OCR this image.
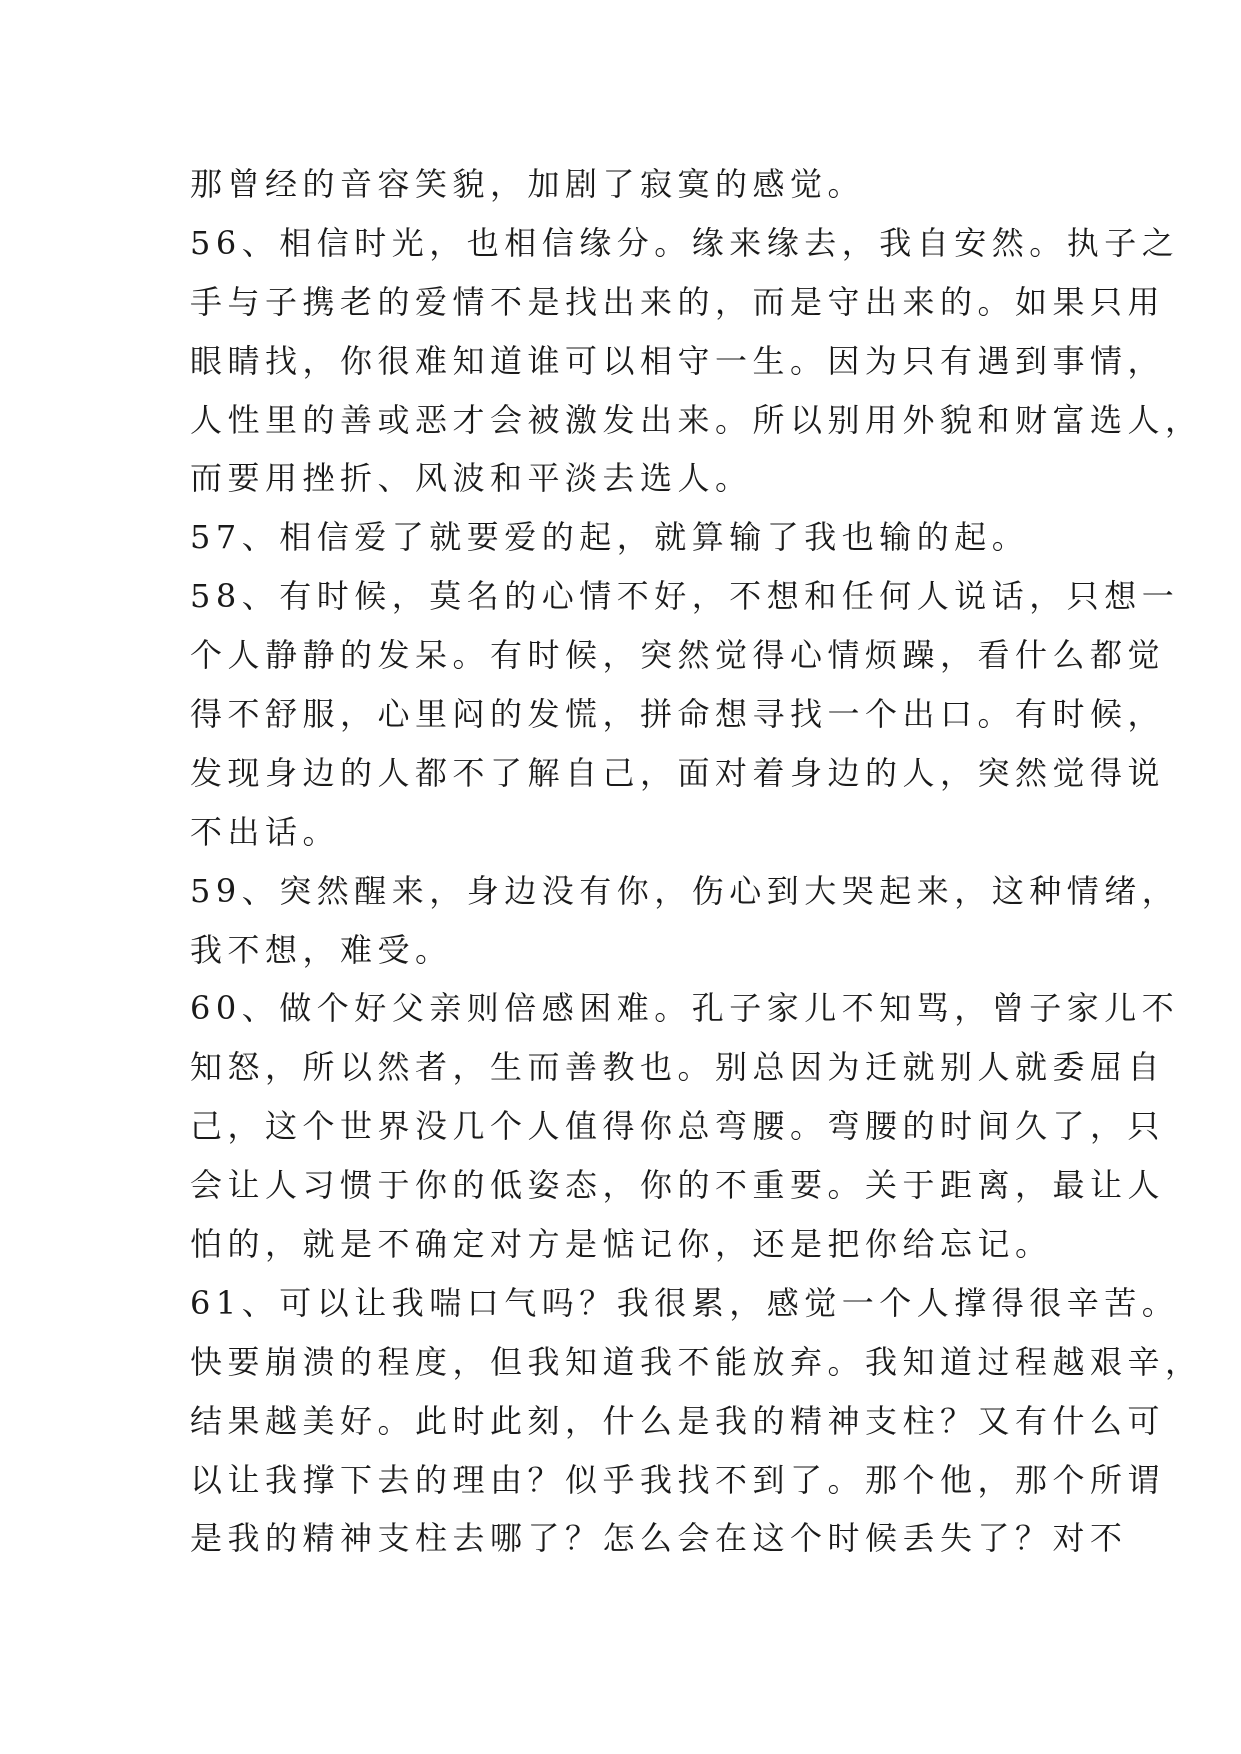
那曾经的音容笑貌，加剧了寂寞的感觉。
56、相信时光，也相信缘分。缘来缘去，我自安然。执子之
手与子携老的爱情不是找出来的，而是守出来的。如果只用
眼睛找，你很难知道谁可以相守一生。因为只有遇到事情，
人性里的善或恶才会被激发出来。所以别用外貌和财富选人，
而要用挫折、风波和平淡去选人。
57、相信爱了就要爱的起，就算输了我也输的起。
58、有时候，莫名的心情不好，不想和任何人说话，只想一
个人静静的发呆。有时候，突然觉得心情烦躁，看什么都觉
得不舒服，心里闷的发慌，拼命想寻找一个出口。有时候，
发现身边的人都不了解自己，面对着身边的人，突然觉得说
不出话。
59、突然醒来，身边没有你，伤心到大哭起来，这种情绪，
我不想，难受。
60、做个好父亲则倍感困难。孔子家儿不知骂，曾子家儿不
知怒，所以然者，生而善教也。别总因为迁就别人就委屈自
己，这个世界没几个人值得你总弯腰。弯腰的时间久了，只
会让人习惯于你的低姿态，你的不重要。关于距离，最让人
怕的，就是不确定对方是惦记你，还是把你给忘记。
61、可以让我喘口气吗？我很累，感觉一个人撑得很辛苦。
快要崩溃的程度，但我知道我不能放弃。我知道过程越艰辛，
结果越美好。此时此刻，什么是我的精神支柱？又有什么可
以让我撑下去的理由？似乎我找不到了。那个他，那个所谓
是我的精神支柱去哪了？怎么会在这个时候丢失了？对不
